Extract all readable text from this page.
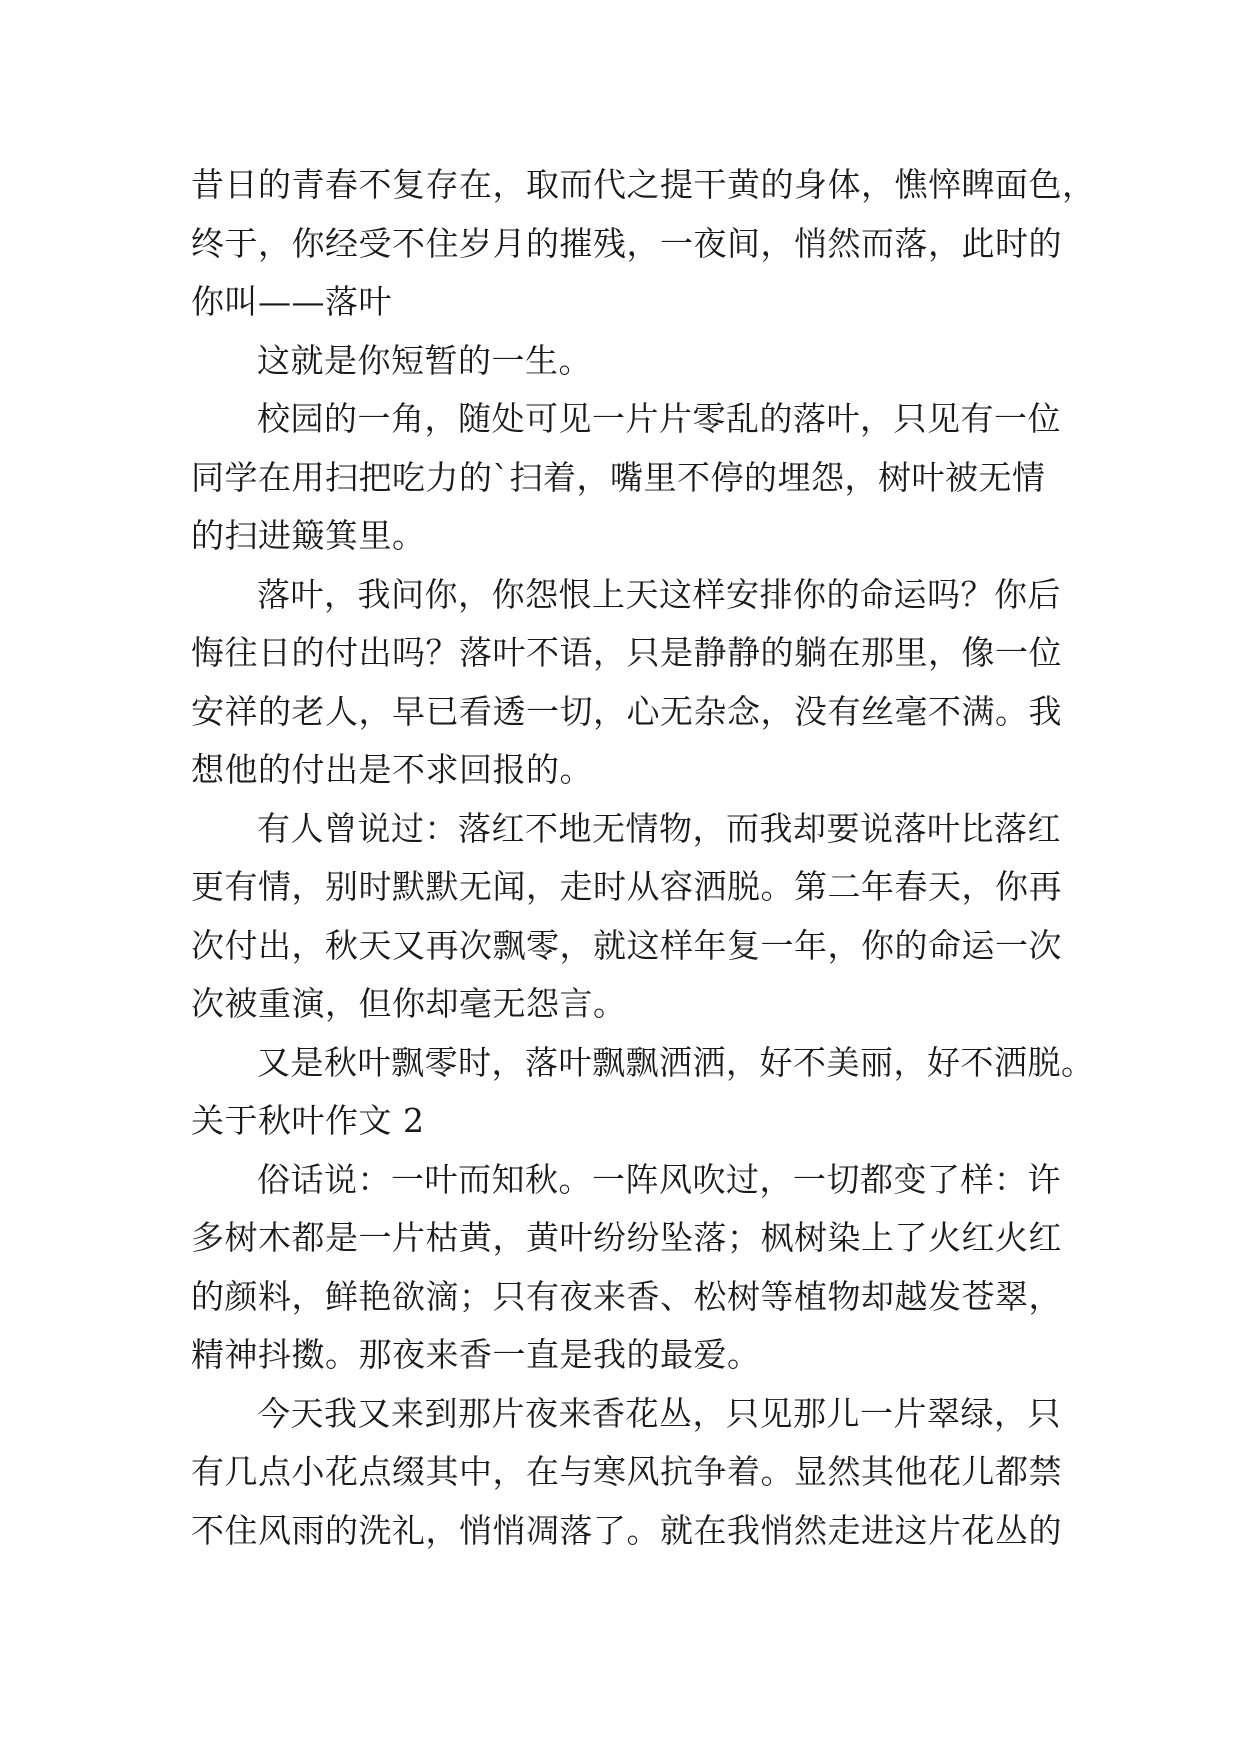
昔日的青春不复存在，取而代之提干黄的身体，憔悴睥面色，
终于，你经受不住岁月的摧残，一夜间，悄然而落，此时的
你叫——落叶
这就是你短暂的一生。
校园的一角，随处可见一片片零乱的落叶，只见有一位
同学在用扫把吃力的`扫着，嘴里不停的埋怨，树叶被无情
的扫进簸箕里。
落叶，我问你，你怨恨上天这样安排你的命运吗？你后
悔往日的付出吗？落叶不语，只是静静的躺在那里，像一位
安祥的老人，早已看透一切，心无杂念，没有丝毫不满。我
想他的付出是不求回报的。
有人曾说过：落红不地无情物，而我却要说落叶比落红
更有情，别时默默无闻，走时从容洒脱。第二年春天，你再
次付出，秋天又再次飘零，就这样年复一年，你的命运一次
次被重演，但你却毫无怨言。
又是秋叶飘零时，落叶飘飘洒洒，好不美丽，好不洒脱。
关于秋叶作文 2
俗话说：一叶而知秋。一阵风吹过，一切都变了样：许
多树木都是一片枯黄，黄叶纷纷坠落；枫树染上了火红火红
的颜料，鲜艳欲滴；只有夜来香、松树等植物却越发苍翠，
精神抖擞。那夜来香一直是我的最爱。
今天我又来到那片夜来香花丛，只见那儿一片翠绿，只
有几点小花点缀其中，在与寒风抗争着。显然其他花儿都禁
不住风雨的洗礼，悄悄凋落了。就在我悄然走进这片花丛的
